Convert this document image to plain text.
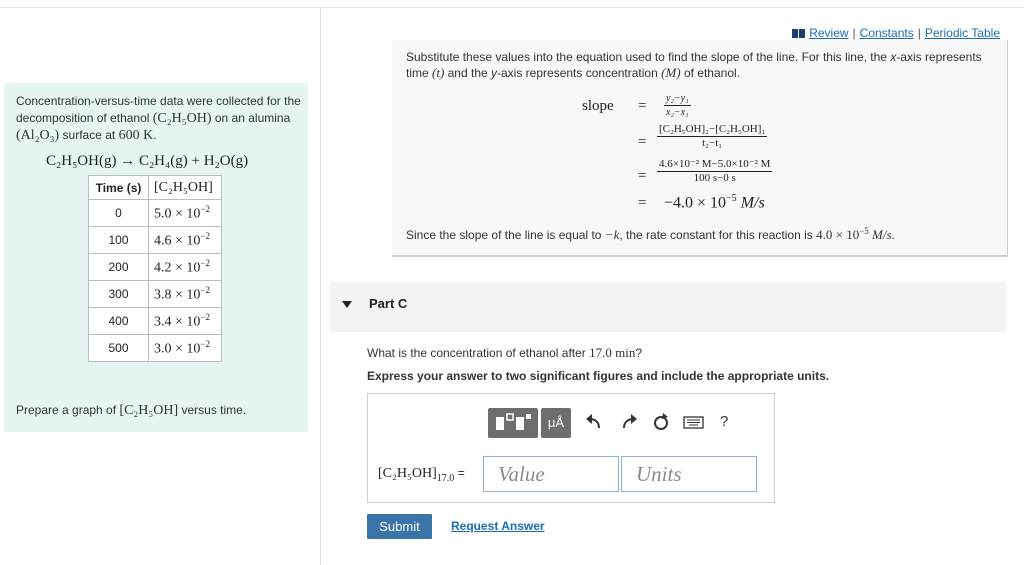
Concentration-versus-time data were collected for the decomposition of ethanol (C₂H₅OH) on an alumina (Al₂O₃) surface at 600 K.
C₂H₅OH(g) → C₂H₄(g) + H₂O(g)
Time (s)	[C₂H₅OH]
0	$5.0 \times 10^{-2}$
100	$4.6 \times 10^{-2}$
200	$4.2 \times 10^{-2}$
300	$3.8 \times 10^{-2}$
400	$3.4 \times 10^{-2}$
500	$3.0 \times 10^{-2}$
Prepare a graph of [C₂H₅OH] versus time.
Review | Constants | Periodic Table
Substitute these values into the equation used to find the slope of the line. For this line, the x-axis represents time (t) and the y-axis represents concentration (M) of ethanol.
slope = $\frac{\text{y₂−y₁}}{\text{x₂−x₁}}$
= $\frac{\text{[C₂H₅OH]₂−[C₂H₅OH]₁}}{\text{t₂−t₁}}$
= $\frac{\text{4.6×10⁻² M−5.0×10⁻² M}}{100 s-0 s}$
= $-4.0 \times 10^{-5}$ M/s
Since the slope of the line is equal to −k, the rate constant for this reaction is $4.0 \times 10^{-5}$ M/s.
Part C
What is the concentration of ethanol after 17.0 min?
Express your answer to two significant figures and include the appropriate units.
μÅ	?
$[C_2H_5OH]_{17.0}$ =
Value
Units
Submit	Request Answer
